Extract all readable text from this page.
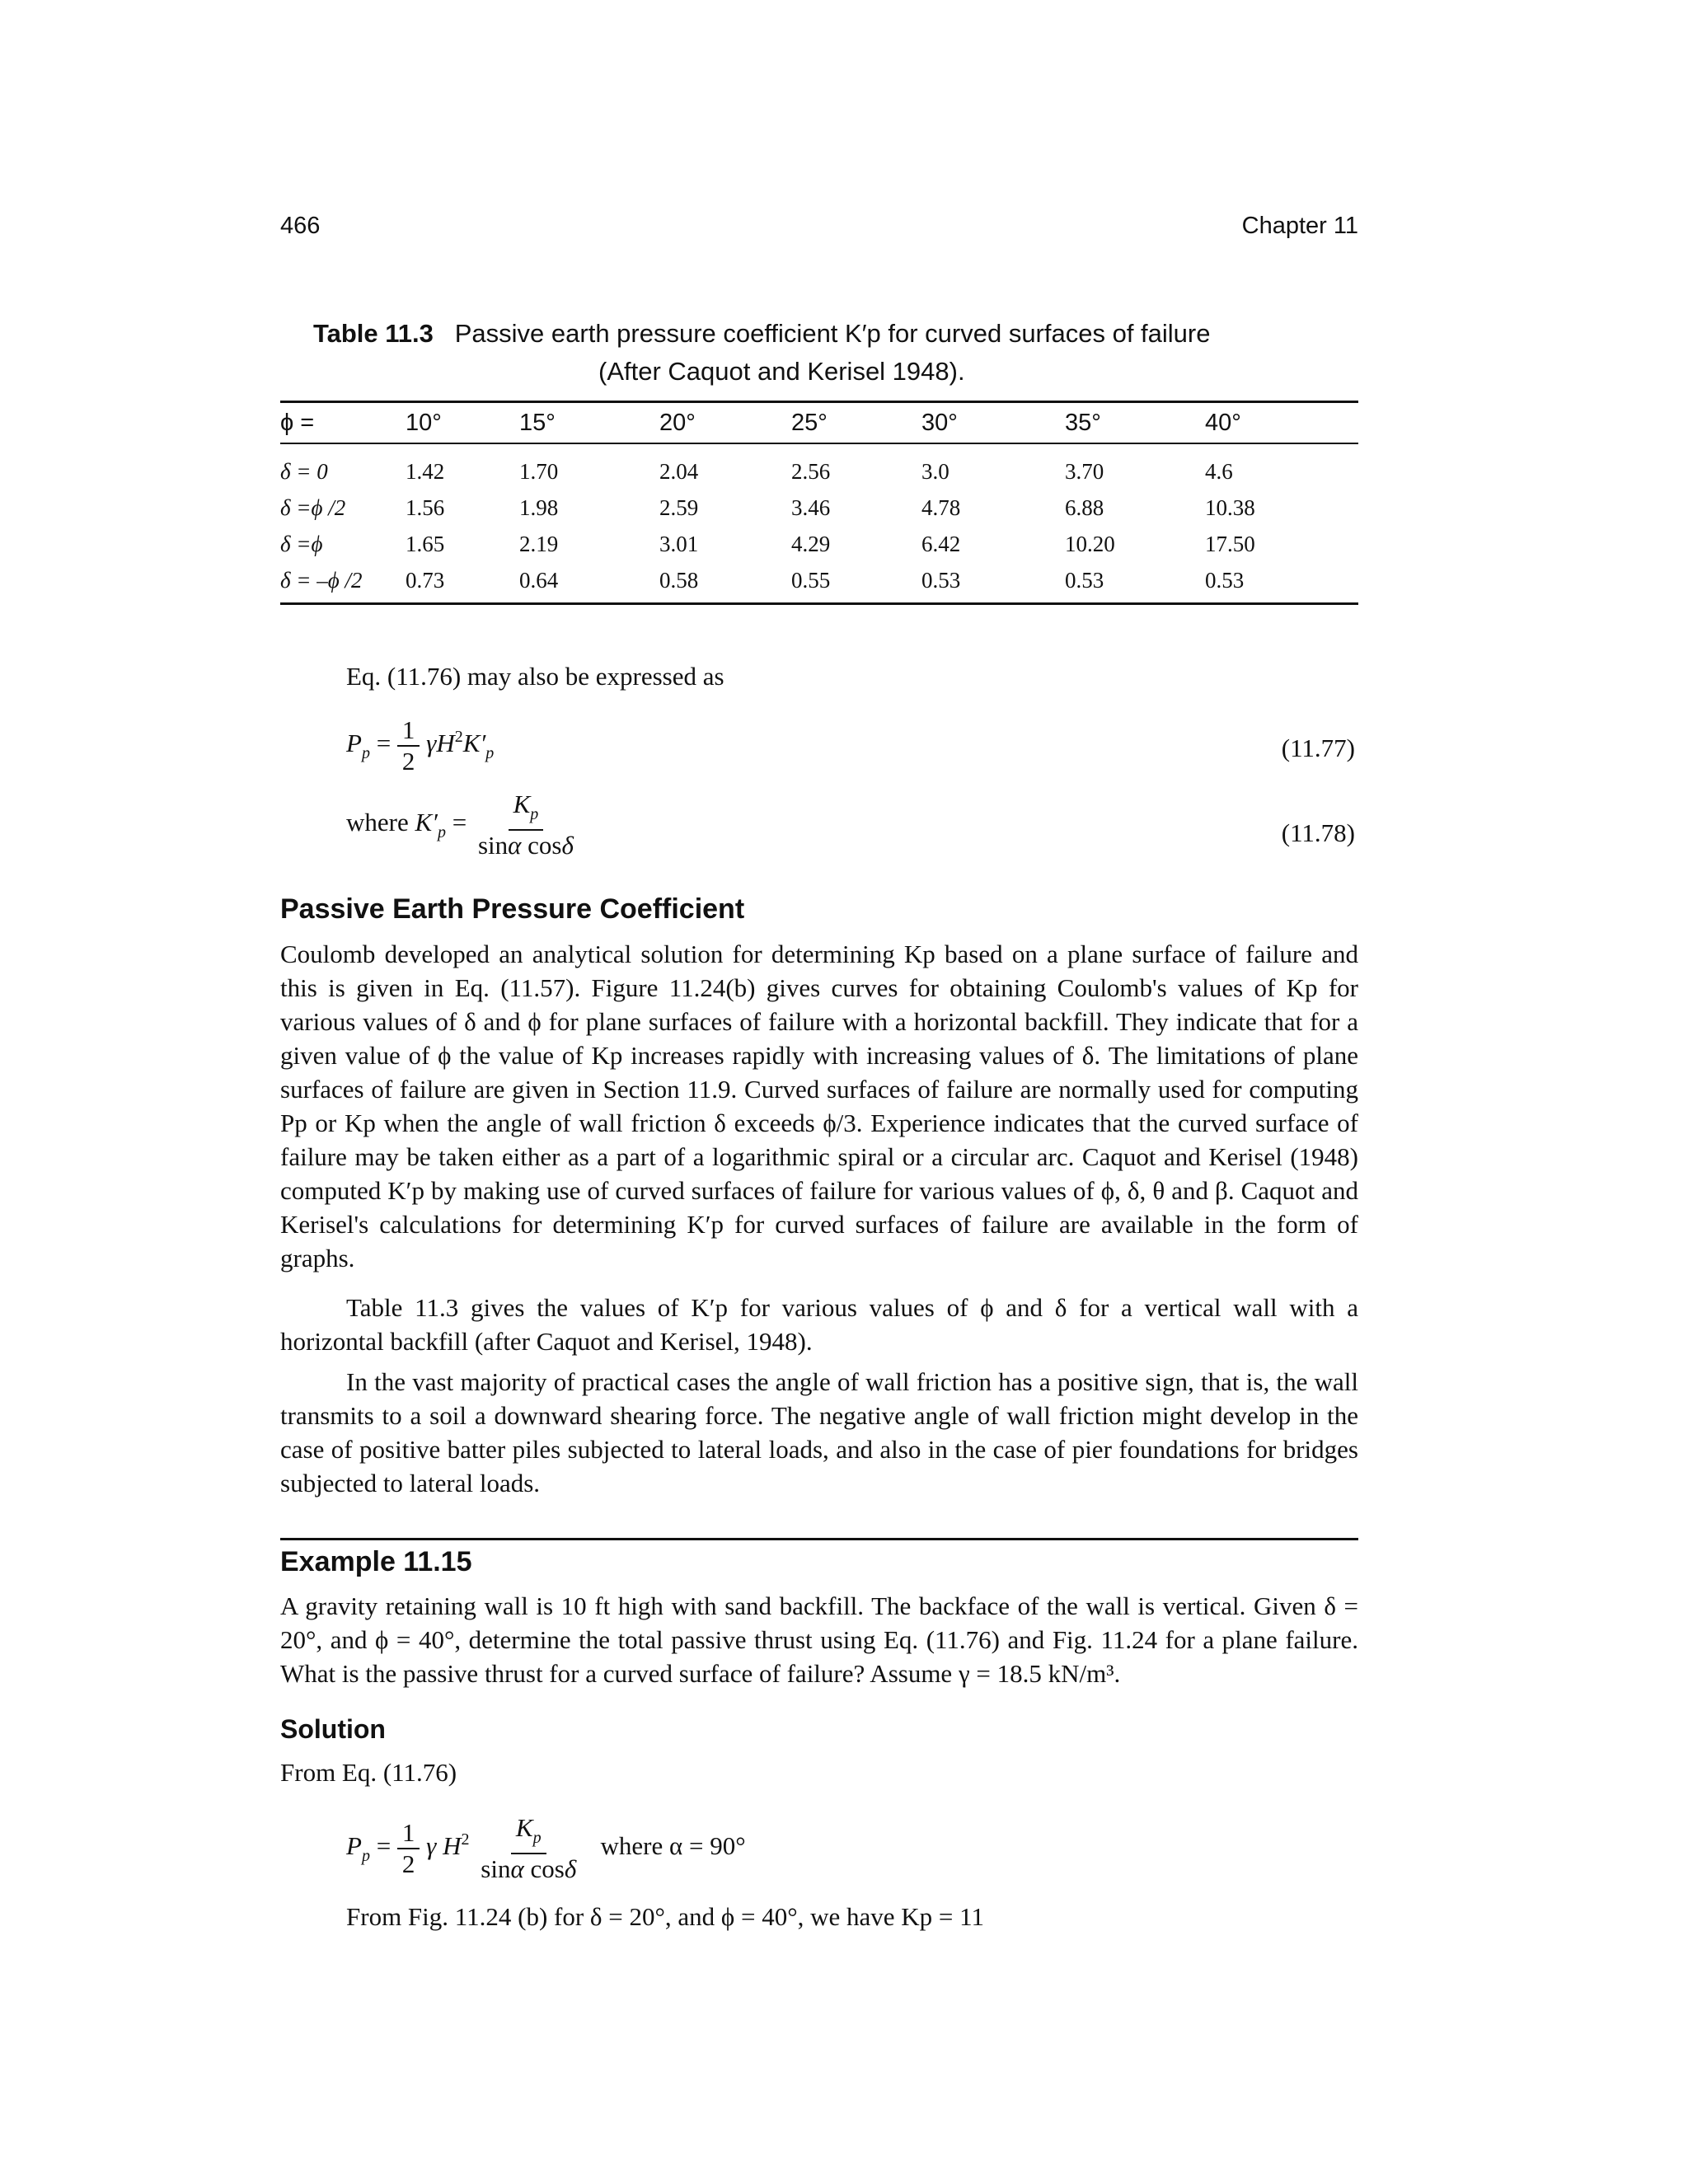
466	Chapter 11
Table 11.3 Passive earth pressure coefficient K′p for curved surfaces of failure
(After Caquot and Kerisel 1948).
ϕ =	10°	15°	20°	25°	30°	35°	40°
δ = 0	1.42	1.70	2.04	2.56	3.0	3.70	4.6
δ =ϕ /2	1.56	1.98	2.59	3.46	4.78	6.88	10.38
δ =ϕ	1.65	2.19	3.01	4.29	6.42	10.20	17.50
δ = –ϕ /2 0.73	0.64	0.58	0.55	0.53	0.53	0.53
Eq. (11.76) may also be expressed as
$P_p = \frac{1}{2} \gamma H^2K'_p$	(11.77)
where $K'_p = \frac{K_p}{\text{sinα cosδ}}$	(11.78)
Passive Earth Pressure Coefficient
Coulomb developed an analytical solution for determining Kp based on a plane surface of failure and this is given in Eq. (11.57). Figure 11.24(b) gives curves for obtaining Coulomb's values of Kp for various values of δ and ϕ for plane surfaces of failure with a horizontal backfill. They indicate that for a given value of ϕ the value of Kp increases rapidly with increasing values of δ. The limitations of plane surfaces of failure are given in Section 11.9. Curved surfaces of failure are normally used for computing Pp or Kp when the angle of wall friction δ exceeds ϕ/3. Experience indicates that the curved surface of failure may be taken either as a part of a logarithmic spiral or a circular arc. Caquot and Kerisel (1948) computed K′p by making use of curved surfaces of failure for various values of ϕ, δ, θ and β. Caquot and Kerisel's calculations for determining K′p for curved surfaces of failure are available in the form of graphs.
Table 11.3 gives the values of K′p for various values of ϕ and δ for a vertical wall with a horizontal backfill (after Caquot and Kerisel, 1948).
In the vast majority of practical cases the angle of wall friction has a positive sign, that is, the wall transmits to a soil a downward shearing force. The negative angle of wall friction might develop in the case of positive batter piles subjected to lateral loads, and also in the case of pier foundations for bridges subjected to lateral loads.
Example 11.15
A gravity retaining wall is 10 ft high with sand backfill. The backface of the wall is vertical. Given δ = 20°, and ϕ = 40°, determine the total passive thrust using Eq. (11.76) and Fig. 11.24 for a plane failure. What is the passive thrust for a curved surface of failure? Assume γ = 18.5 kN/m³.
Solution
From Eq. (11.76)
$P_p = \frac{1}{2}$ γ $H^2 \frac{K_p}{\text{sinα cosδ}}$ where α = 90°
From Fig. 11.24 (b) for δ = 20°, and ϕ = 40°, we have Kp = 11
